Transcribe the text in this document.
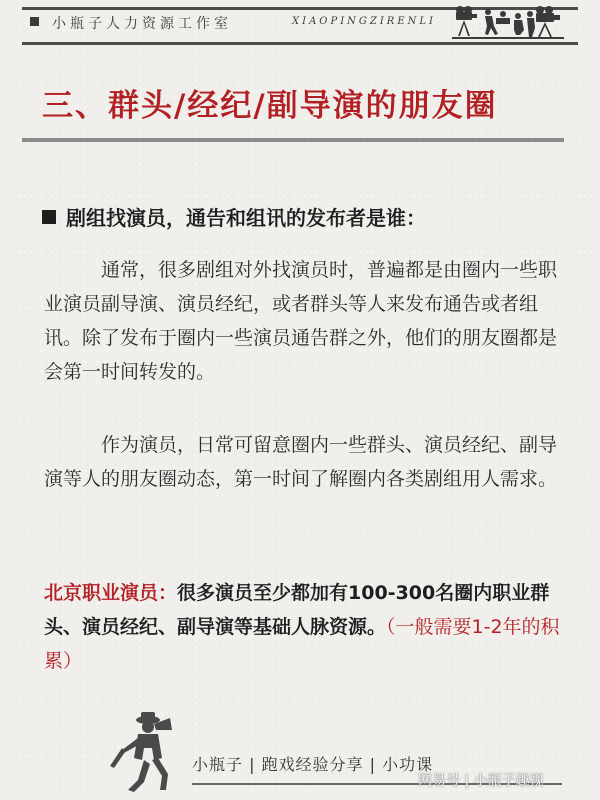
小瓶子人力资源工作室	XIAOPINGZIRENLI
三、群头/经纪/副导演的朋友圈
剧组找演员，通告和组讯的发布者是谁：
通常，很多剧组对外找演员时，普遍都是由圈内一些职业演员副导演、演员经纪，或者群头等人来发布通告或者组讯。除了发布于圈内一些演员通告群之外，他们的朋友圈都是会第一时间转发的。
作为演员，日常可留意圈内一些群头、演员经纪、副导演等人的朋友圈动态，第一时间了解圈内各类剧组用人需求。
北京职业演员：很多演员至少都加有100-300名圈内职业群头、演员经纪、副导演等基础人脉资源。（一般需要1-2年的积累）
小瓶子 | 跑戏经验分享 | 小功课
网易号 | 小瓶子趣视
